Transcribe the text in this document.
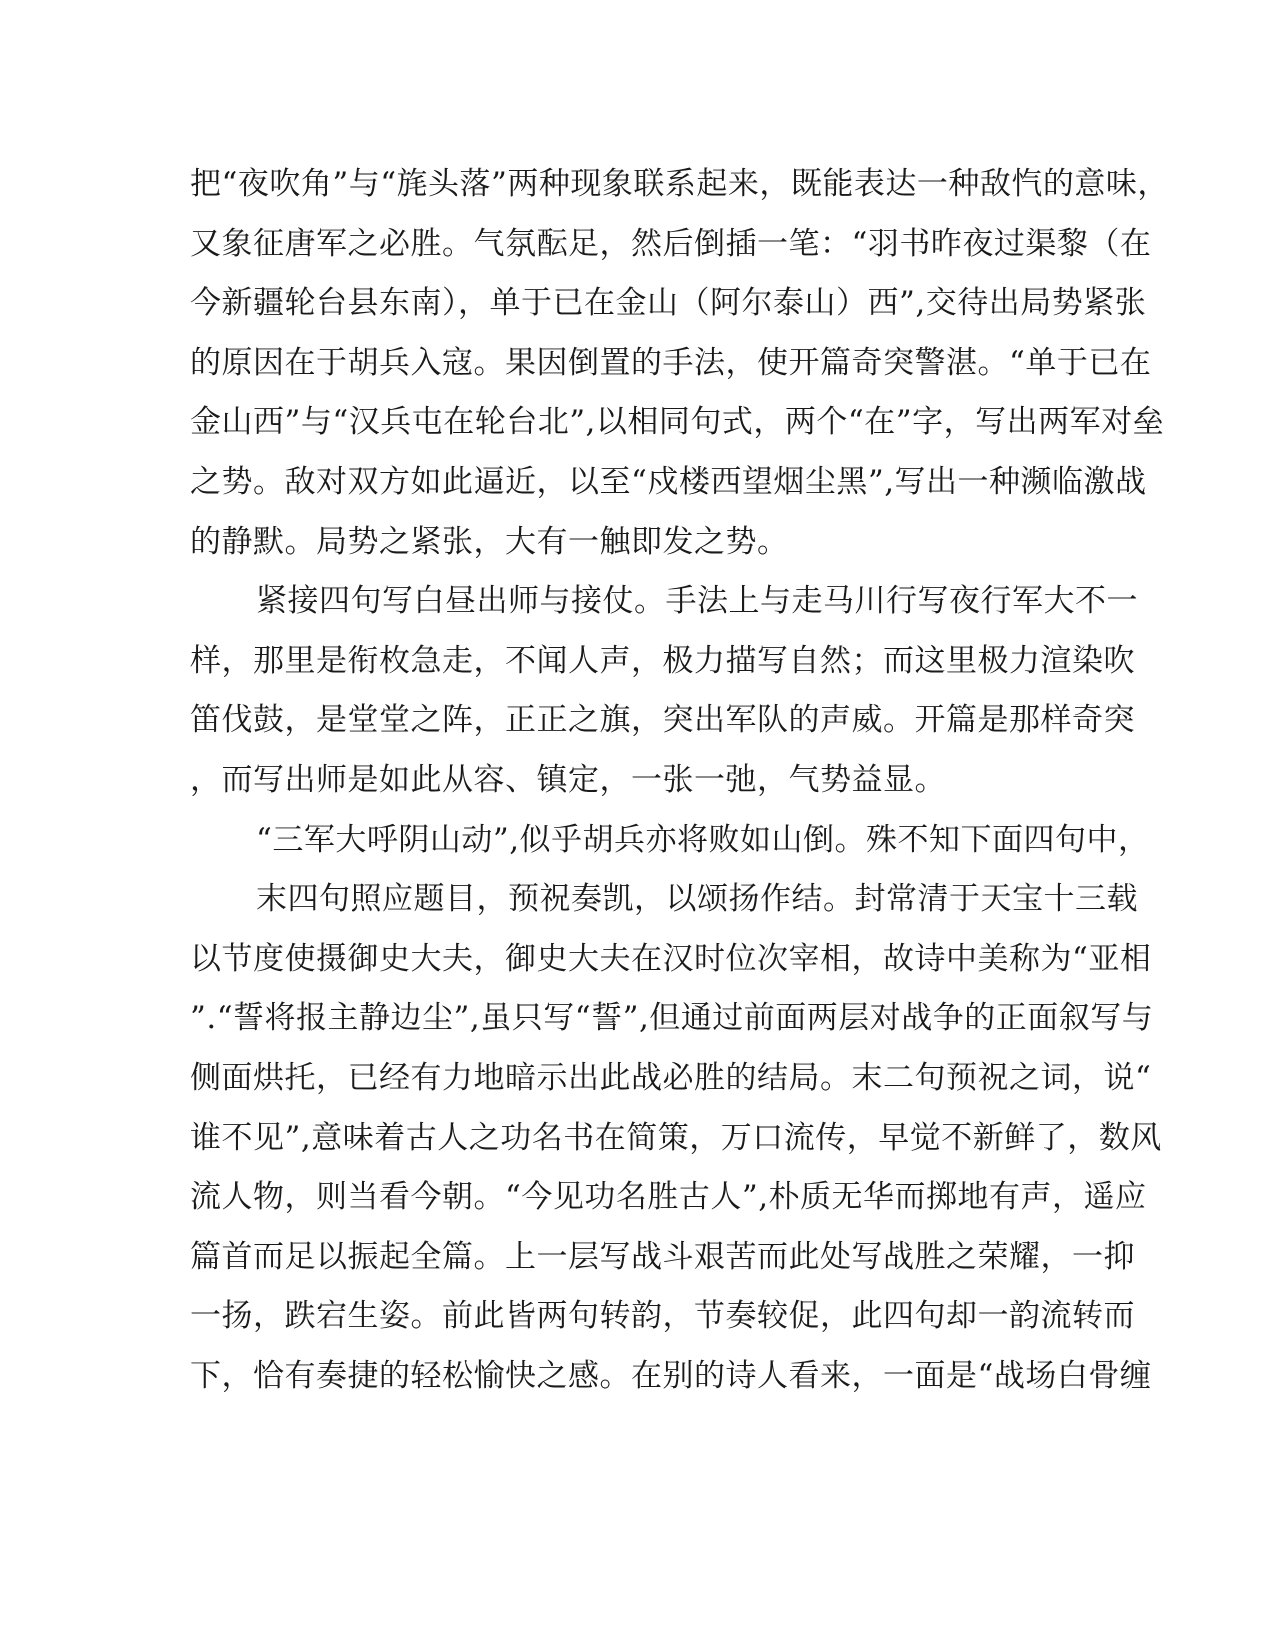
把“夜吹角”与“旄头落”两种现象联系起来，既能表达一种敌忾的意味，
又象征唐军之必胜。气氛酝足，然后倒插一笔：“羽书昨夜过渠黎（在
今新疆轮台县东南），单于已在金山（阿尔泰山）西”,交待出局势紧张
的原因在于胡兵入寇。果因倒置的手法，使开篇奇突警湛。“单于已在
金山西”与“汉兵屯在轮台北”,以相同句式，两个“在”字，写出两军对垒
之势。敌对双方如此逼近，以至“戍楼西望烟尘黑”,写出一种濒临激战
的静默。局势之紧张，大有一触即发之势。
紧接四句写白昼出师与接仗。手法上与走马川行写夜行军大不一
样，那里是衔枚急走，不闻人声，极力描写自然；而这里极力渲染吹
笛伐鼓，是堂堂之阵，正正之旗，突出军队的声威。开篇是那样奇突
，而写出师是如此从容、镇定，一张一弛，气势益显。
“三军大呼阴山动”,似乎胡兵亦将败如山倒。殊不知下面四句中，
末四句照应题目，预祝奏凯，以颂扬作结。封常清于天宝十三载
以节度使摄御史大夫，御史大夫在汉时位次宰相，故诗中美称为“亚相
”.“誓将报主静边尘”,虽只写“誓”,但通过前面两层对战争的正面叙写与
侧面烘托，已经有力地暗示出此战必胜的结局。末二句预祝之词，说“
谁不见”,意味着古人之功名书在简策，万口流传，早觉不新鲜了，数风
流人物，则当看今朝。“今见功名胜古人”,朴质无华而掷地有声，遥应
篇首而足以振起全篇。上一层写战斗艰苦而此处写战胜之荣耀，一抑
一扬，跌宕生姿。前此皆两句转韵，节奏较促，此四句却一韵流转而
下，恰有奏捷的轻松愉快之感。在别的诗人看来，一面是“战场白骨缠
